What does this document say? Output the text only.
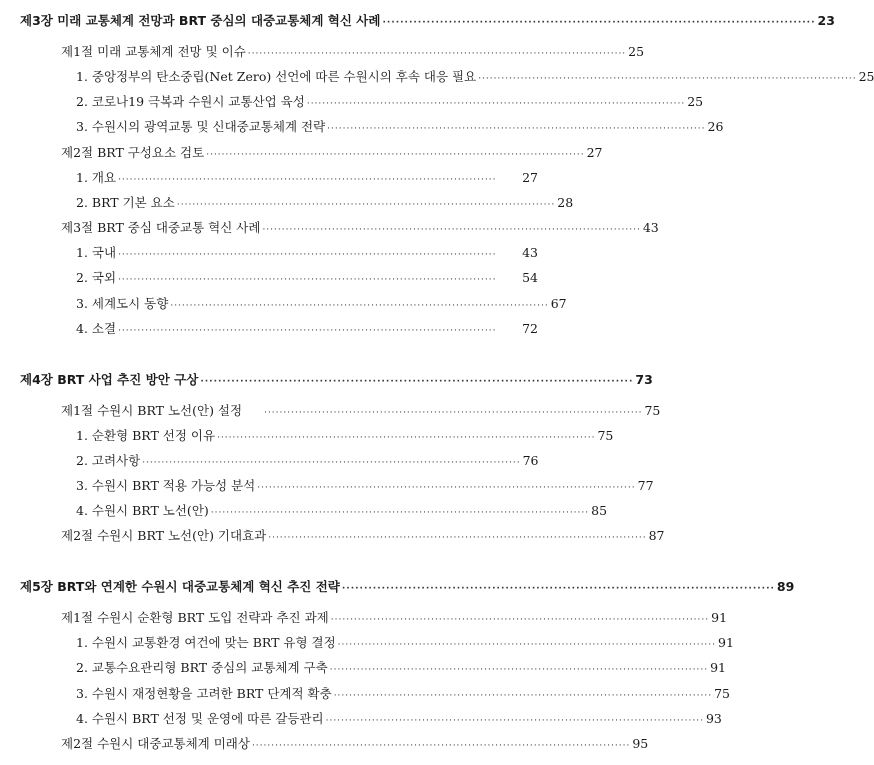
제3장 미래 교통체계 전망과 BRT 중심의 대중교통체계 혁신 사례 ·································································································· 23
제1절 미래 교통체계 전망 및 이슈 ·································································································· 25
1. 중앙정부의 탄소중립(Net Zero) 선언에 따른 수원시의 후속 대응 필요 ·································································································· 25
2. 코로나19 극복과 수원시 교통산업 육성 ·································································································· 25
3. 수원시의 광역교통 및 신대중교통체계 전략 ·································································································· 26
제2절 BRT 구성요소 검토 ·································································································· 27
1. 개요 ··································································································	27
2. BRT 기본 요소 ·································································································· 28
제3절 BRT 중심 대중교통 혁신 사례 ·································································································· 43
1. 국내 ··································································································	43
2. 국외 ··································································································	54
3. 세계도시 동향 ·································································································· 67
4. 소결 ··································································································	72
제4장 BRT 사업 추진 방안 구상 ·································································································· 73
제1절 수원시 BRT 노선(안) 설정 ·································································································· 75
1. 순환형 BRT 선정 이유 ·································································································· 75
2. 고려사항 ·································································································· 76
3. 수원시 BRT 적용 가능성 분석 ·································································································· 77
4. 수원시 BRT 노선(안) ·································································································· 85
제2절 수원시 BRT 노선(안) 기대효과 ·································································································· 87
제5장 BRT와 연계한 수원시 대중교통체계 혁신 추진 전략 ·································································································· 89
제1절 수원시 순환형 BRT 도입 전략과 추진 과제 ·································································································· 91
1. 수원시 교통환경 여건에 맞는 BRT 유형 결정 ·································································································· 91
2. 교통수요관리형 BRT 중심의 교통체계 구축 ·································································································· 91
3. 수원시 재정현황을 고려한 BRT 단계적 확충 ·································································································· 75
4. 수원시 BRT 선정 및 운영에 따른 갈등관리 ·································································································· 93
제2절 수원시 대중교통체계 미래상 ·································································································· 95
